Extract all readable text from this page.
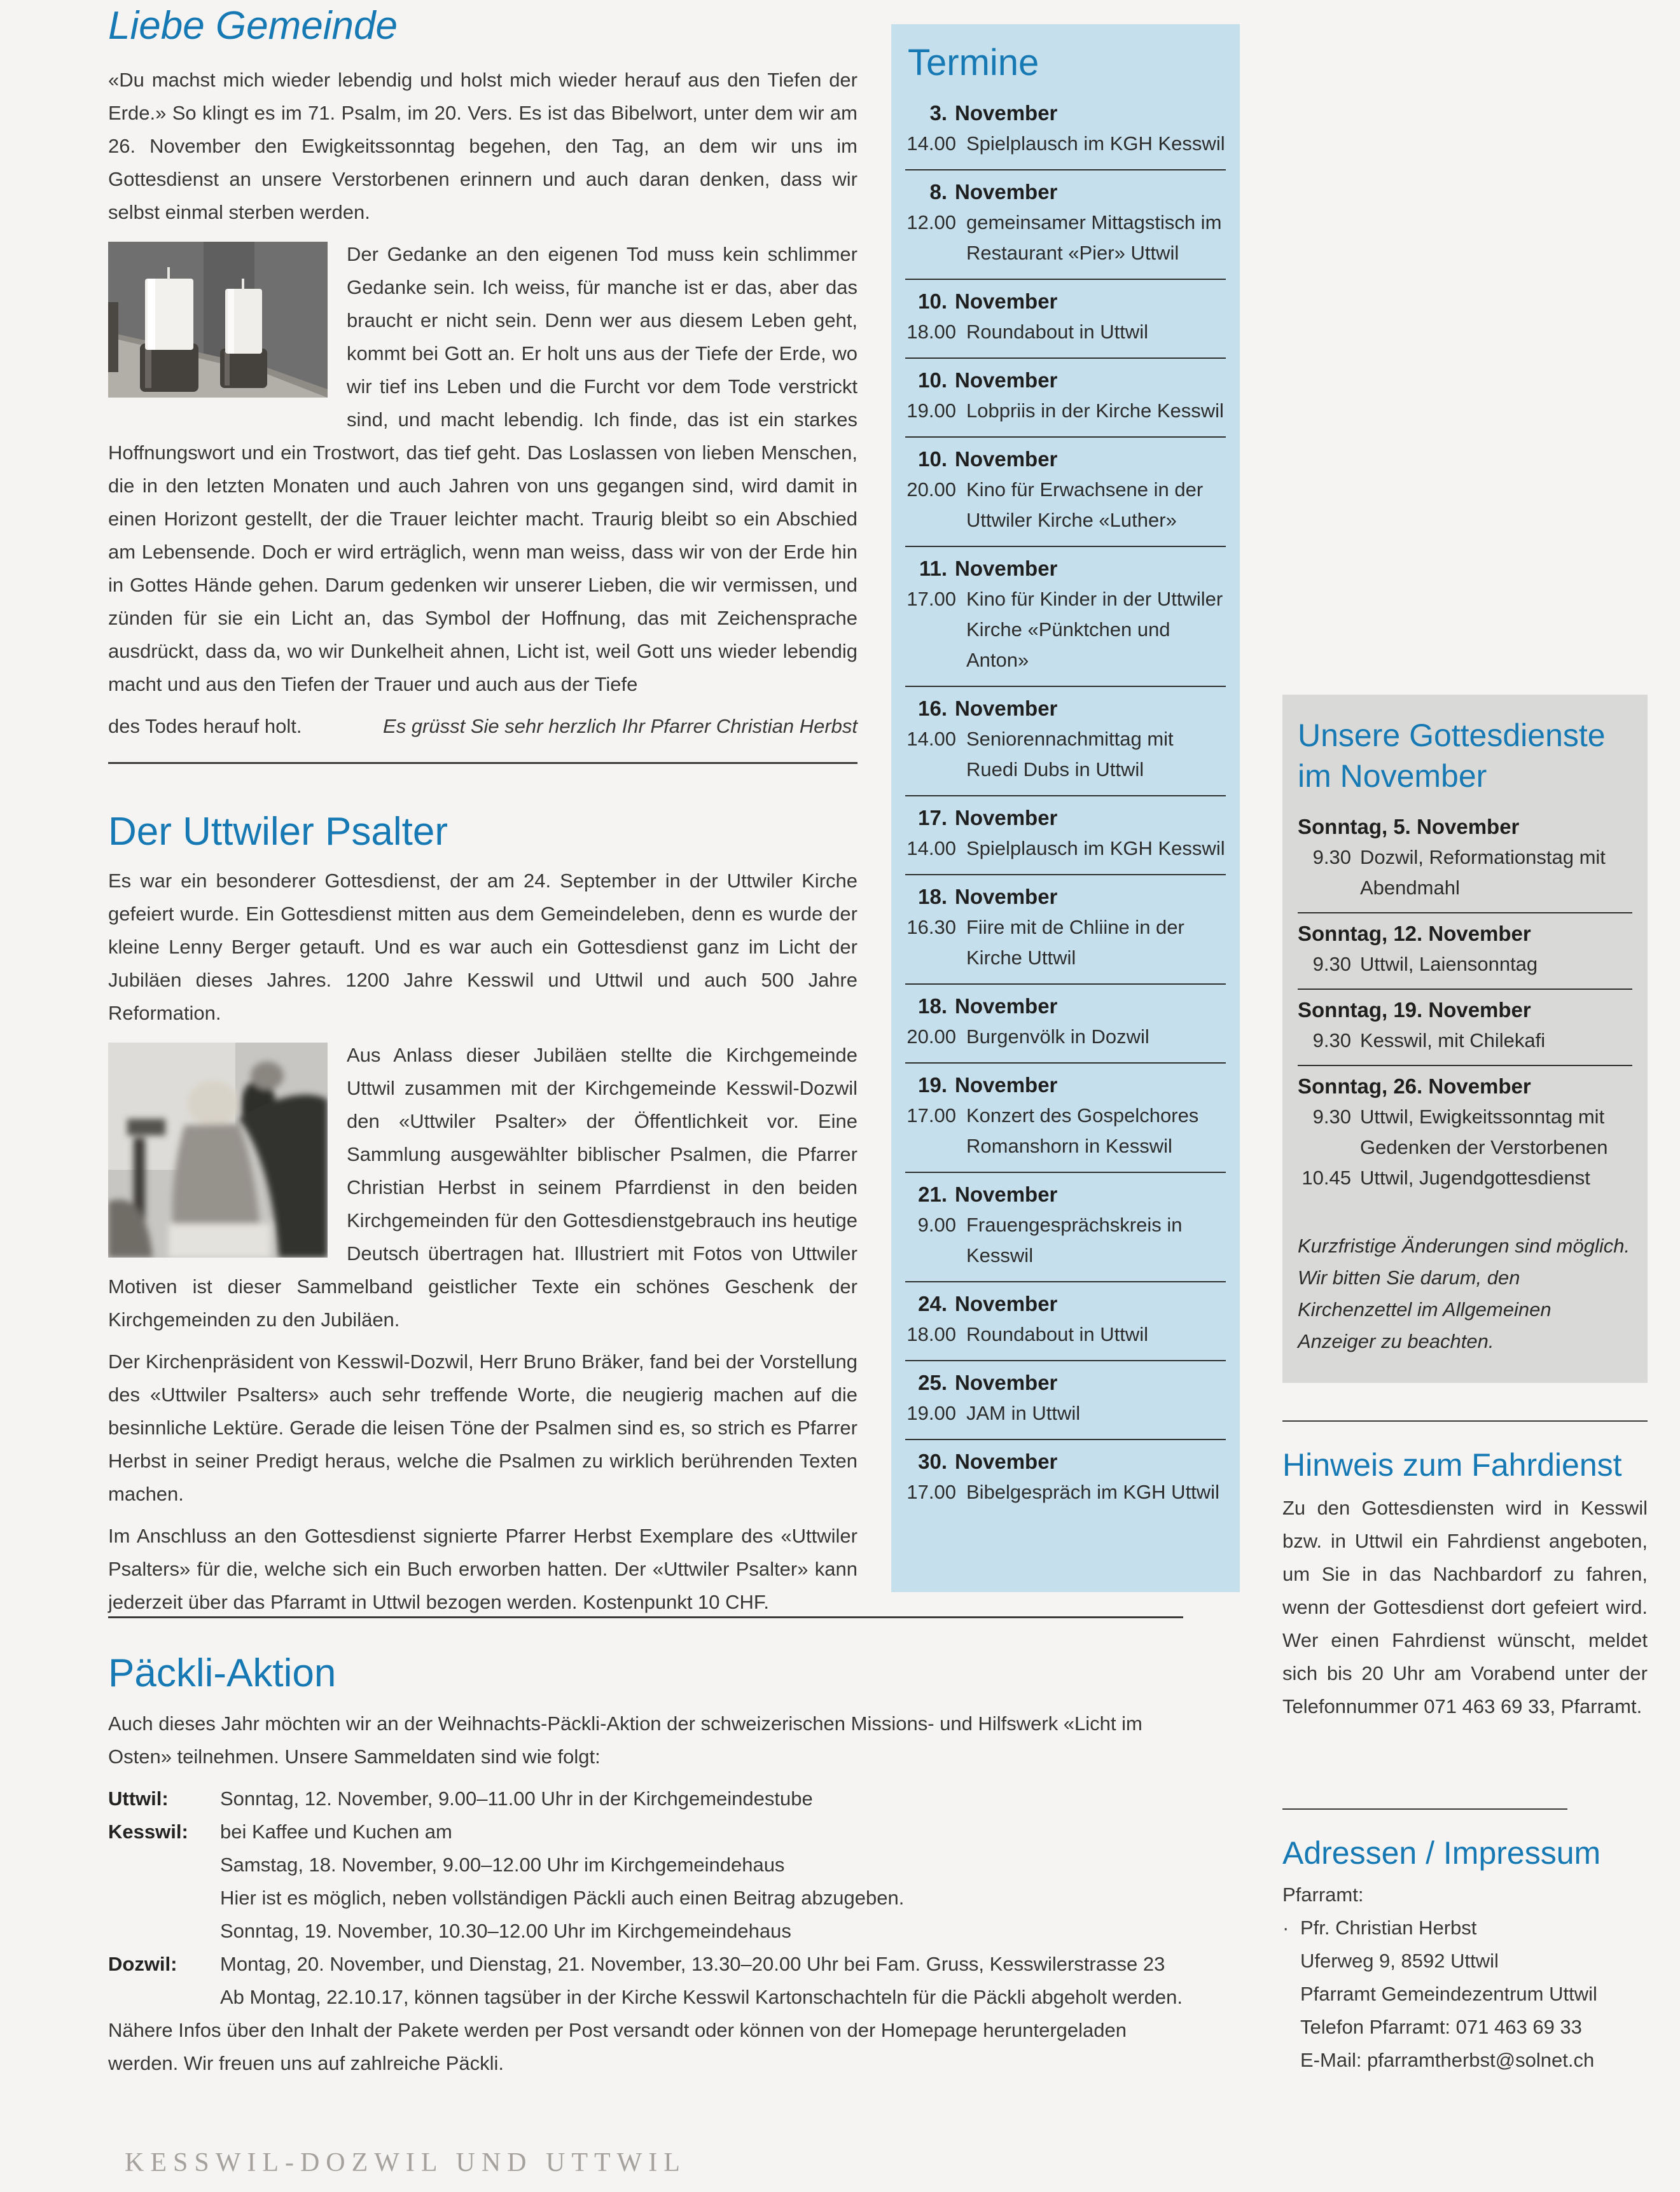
Liebe Gemeinde

«Du machst mich wieder lebendig und holst mich wieder herauf aus den Tiefen der Erde.» So klingt es im 71. Psalm, im 20. Vers. Es ist das Bibelwort, unter dem wir am 26. November den Ewigkeitssonntag begehen, den Tag, an dem wir uns im Gottesdienst an unsere Verstorbenen erinnern und auch daran denken, dass wir selbst einmal sterben werden.

Der Gedanke an den eigenen Tod muss kein schlimmer Gedanke sein. Ich weiss, für manche ist er das, aber das braucht er nicht sein. Denn wer aus diesem Leben geht, kommt bei Gott an. Er holt uns aus der Tiefe der Erde, wo wir tief ins Leben und die Furcht vor dem Tode verstrickt sind, und macht lebendig. Ich finde, das ist ein starkes Hoffnungswort und ein Trostwort, das tief geht. Das Loslassen von lieben Menschen, die in den letzten Monaten und auch Jahren von uns gegangen sind, wird damit in einen Horizont gestellt, der die Trauer leichter macht. Traurig bleibt so ein Abschied am Lebensende. Doch er wird erträglich, wenn man weiss, dass wir von der Erde hin in Gottes Hände gehen. Darum gedenken wir unserer Lieben, die wir vermissen, und zünden für sie ein Licht an, das Symbol der Hoffnung, das mit Zeichensprache ausdrückt, dass da, wo wir Dunkelheit ahnen, Licht ist, weil Gott uns wieder lebendig macht und aus den Tiefen der Trauer und auch aus der Tiefe

des Todes herauf holt.	Es grüsst Sie sehr herzlich Ihr Pfarrer Christian Herbst
Der Uttwiler Psalter

Es war ein besonderer Gottesdienst, der am 24. September in der Uttwiler Kirche gefeiert wurde. Ein Gottesdienst mitten aus dem Gemeindeleben, denn es wurde der kleine Lenny Berger getauft. Und es war auch ein Gottesdienst ganz im Licht der Jubiläen dieses Jahres. 1200 Jahre Kesswil und Uttwil und auch 500 Jahre Reformation.

Aus Anlass dieser Jubiläen stellte die Kirchgemeinde Uttwil zusammen mit der Kirchgemeinde Kesswil-Dozwil den «Uttwiler Psalter» der Öffentlichkeit vor. Eine Sammlung ausgewählter biblischer Psalmen, die Pfarrer Christian Herbst in seinem Pfarrdienst in den beiden Kirchgemeinden für den Gottesdienstgebrauch ins heutige Deutsch übertragen hat. Illustriert mit Fotos von Uttwiler Motiven ist dieser Sammelband geistlicher Texte ein schönes Geschenk der Kirchgemeinden zu den Jubiläen.

Der Kirchenpräsident von Kesswil-Dozwil, Herr Bruno Bräker, fand bei der Vorstellung des «Uttwiler Psalters» auch sehr treffende Worte, die neugierig machen auf die besinnliche Lektüre. Gerade die leisen Töne der Psalmen sind es, so strich es Pfarrer Herbst in seiner Predigt heraus, welche die Psalmen zu wirklich berührenden Texten machen.

Im Anschluss an den Gottesdienst signierte Pfarrer Herbst Exemplare des «Uttwiler Psalters» für die, welche sich ein Buch erworben hatten. Der «Uttwiler Psalter» kann jederzeit über das Pfarramt in Uttwil bezogen werden. Kostenpunkt 10 CHF.

Päckli-Aktion

Auch dieses Jahr möchten wir an der Weihnachts-Päckli-Aktion der schweizerischen Missions- und Hilfswerk «Licht im Osten» teilnehmen. Unsere Sammeldaten sind wie folgt:

Uttwil:	Sonntag, 12. November, 9.00–11.00 Uhr in der Kirchgemeindestube
Kesswil:	bei Kaffee und Kuchen am
Samstag, 18. November, 9.00–12.00 Uhr im Kirchgemeindehaus
Hier ist es möglich, neben vollständigen Päckli auch einen Beitrag abzugeben.
Sonntag, 19. November, 10.30–12.00 Uhr im Kirchgemeindehaus
Dozwil:	Montag, 20. November, und Dienstag, 21. November, 13.30–20.00 Uhr bei Fam. Gruss, Kesswilerstrasse 23
Ab Montag, 22.10.17, können tagsüber in der Kirche Kesswil Kartonschachteln für die Päckli abgeholt werden.

Nähere Infos über den Inhalt der Pakete werden per Post versandt oder können von der Homepage heruntergeladen werden. Wir freuen uns auf zahlreiche Päckli.

Termine
3. November
14.00 Spielplausch im KGH Kesswil
8. November
12.00 gemeinsamer Mittagstisch im Restaurant «Pier» Uttwil
10. November
18.00 Roundabout in Uttwil
10. November
19.00 Lobpriis in der Kirche Kesswil
10. November
20.00 Kino für Erwachsene in der Uttwiler Kirche «Luther»
11. November
17.00 Kino für Kinder in der Uttwiler Kirche «Pünktchen und Anton»
16. November
14.00 Seniorennachmittag mit Ruedi Dubs in Uttwil
17. November
14.00 Spielplausch im KGH Kesswil
18. November
16.30 Fiire mit de Chliine in der Kirche Uttwil
18. November
20.00 Burgenvölk in Dozwil
19. November
17.00 Konzert des Gospelchores Romanshorn in Kesswil
21. November
9.00 Frauengesprächskreis in Kesswil
24. November
18.00 Roundabout in Uttwil
25. November
19.00 JAM in Uttwil
30. November
17.00 Bibelgespräch im KGH Uttwil
Unsere Gottesdienste im November
Sonntag, 5. November
9.30 Dozwil, Reformationstag mit Abendmahl
Sonntag, 12. November
9.30 Uttwil, Laiensonntag
Sonntag, 19. November
9.30 Kesswil, mit Chilekafi
Sonntag, 26. November
9.30 Uttwil, Ewigkeitssonntag mit Gedenken der Verstorbenen
10.45 Uttwil, Jugendgottesdienst

Kurzfristige Änderungen sind möglich. Wir bitten Sie darum, den Kirchenzettel im Allgemeinen Anzeiger zu beachten.

Hinweis zum Fahrdienst

Zu den Gottesdiensten wird in Kesswil bzw. in Uttwil ein Fahrdienst angeboten, um Sie in das Nachbardorf zu fahren, wenn der Gottesdienst dort gefeiert wird. Wer einen Fahrdienst wünscht, meldet sich bis 20 Uhr am Vorabend unter der Telefonnummer 071 463 69 33, Pfarramt.

Adressen / Impressum
Pfarramt:
· Pfr. Christian Herbst
Uferweg 9, 8592 Uttwil
Pfarramt Gemeindezentrum Uttwil
Telefon Pfarramt: 071 463 69 33
E-Mail: pfarramtherbst@solnet.ch
KESSWIL-DOZWIL UND UTTWIL
